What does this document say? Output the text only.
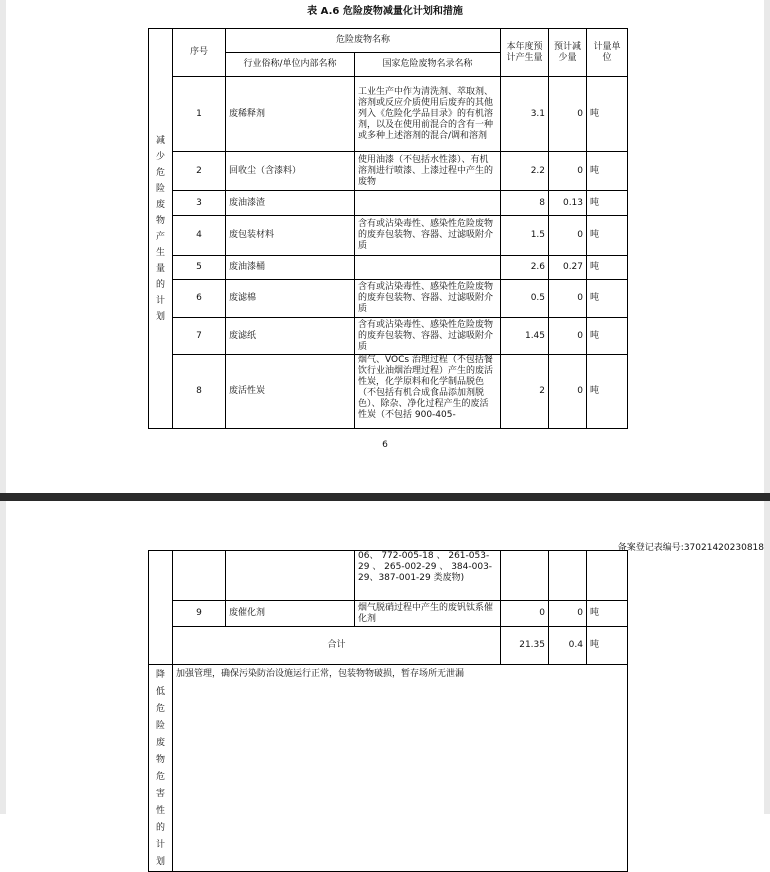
表 A.6 危险废物减量化计划和措施
减少危险废物产生量的计划	序号	危险废物名称		本年度预计产生量	预计减少量	计量单位
		行业俗称/单位内部名称	国家危险废物名录名称			
	1	废稀释剂	工业生产中作为清洗剂、萃取剂、溶剂或反应介质使用后废弃的其他列入《危险化学品目录》的有机溶剂，以及在使用前混合的含有一种或多种上述溶剂的混合/调和溶剂	3.1	0	吨
	2	回收尘（含漆料）	使用油漆（不包括水性漆）、有机溶剂进行喷漆、上漆过程中产生的废物	2.2	0	吨
	3	废油漆渣		8	0.13	吨
	4	废包装材料	含有或沾染毒性、感染性危险废物的废弃包装物、容器、过滤吸附介质	1.5	0	吨
	5	废油漆桶		2.6	0.27	吨
	6	废滤棉	含有或沾染毒性、感染性危险废物的废弃包装物、容器、过滤吸附介质	0.5	0	吨
	7	废滤纸	含有或沾染毒性、感染性危险废物的废弃包装物、容器、过滤吸附介质	1.45	0	吨
	8	废活性炭	烟气、VOCs 治理过程（不包括餐饮行业油烟治理过程）产生的废活性炭，化学原料和化学制品脱色（不包括有机合成食品添加剂脱色）、除杂、净化过程产生的废活性炭（不包括 900-405-	2	0	吨
6
备案登记表编号:37021420230818
			06、 772-005-18 、 261-053-29 、 265-002-29 、 384-003-29、387-001-29 类废物)			
	9	废催化剂	烟气脱硝过程中产生的废钒钛系催化剂	0	0	吨
	合计			21.35	0.4	吨
降低危险废物危害性的计划	加强管理，确保污染防治设施运行正常，包装物物破损，暂存场所无泄漏					
